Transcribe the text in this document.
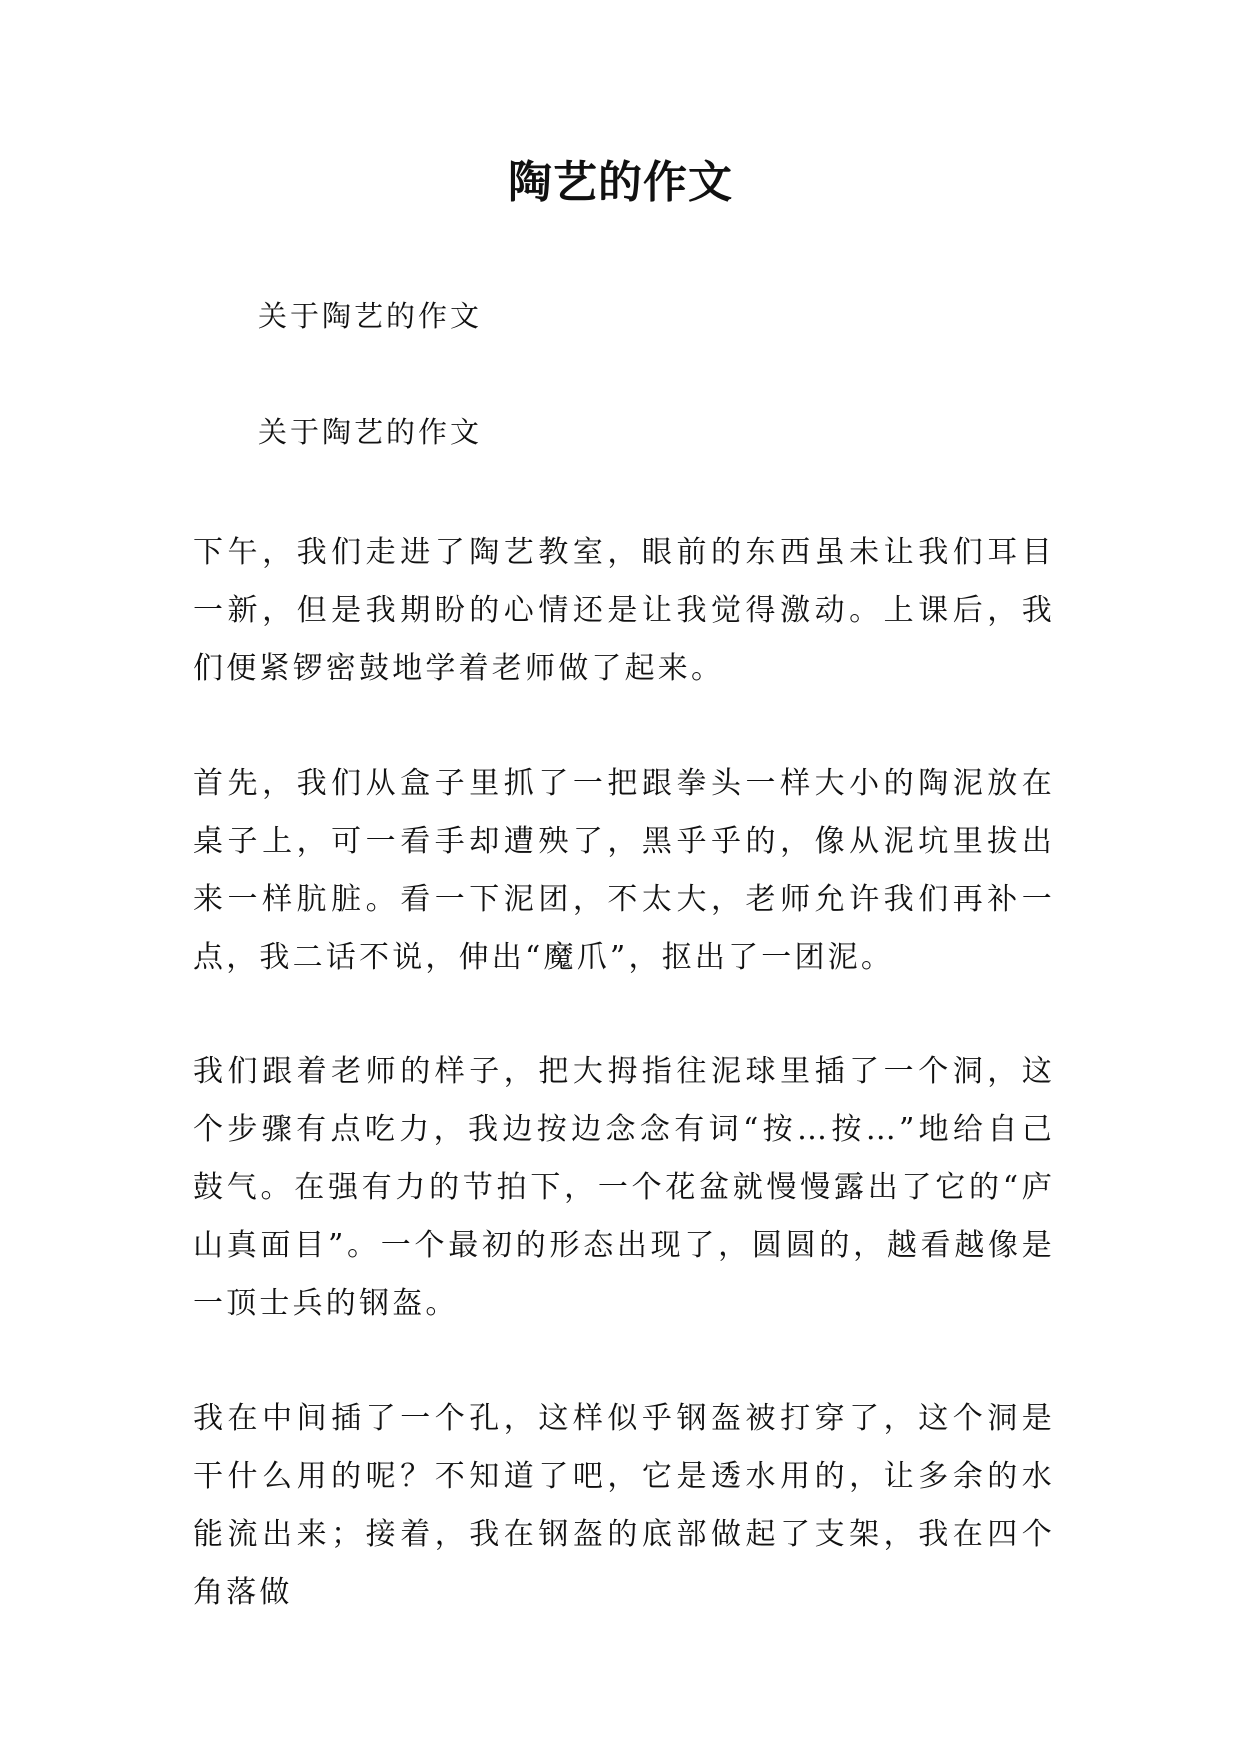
陶艺的作文

关于陶艺的作文

关于陶艺的作文

下午，我们走进了陶艺教室，眼前的东西虽未让我们耳目一新，但是我期盼的心情还是让我觉得激动。上课后，我们便紧锣密鼓地学着老师做了起来。

首先，我们从盒子里抓了一把跟拳头一样大小的陶泥放在桌子上，可一看手却遭殃了，黑乎乎的，像从泥坑里拔出来一样肮脏。看一下泥团，不太大，老师允许我们再补一点，我二话不说，伸出“魔爪”，抠出了一团泥。

我们跟着老师的样子，把大拇指往泥球里插了一个洞，这个步骤有点吃力，我边按边念念有词“按…按…”地给自己鼓气。在强有力的节拍下，一个花盆就慢慢露出了它的“庐山真面目”。一个最初的形态出现了，圆圆的，越看越像是一顶士兵的钢盔。

我在中间插了一个孔，这样似乎钢盔被打穿了，这个洞是干什么用的呢？不知道了吧，它是透水用的，让多余的水能流出来；接着，我在钢盔的底部做起了支架，我在四个角落做
